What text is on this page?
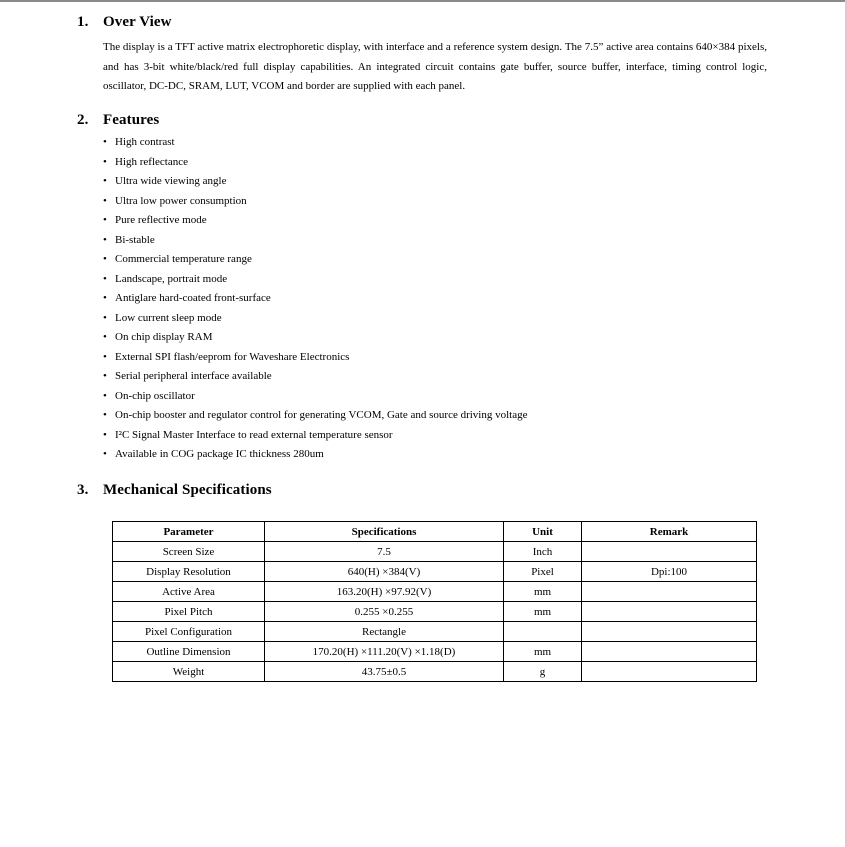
1. Over View
The display is a TFT active matrix electrophoretic display, with interface and a reference system design. The 7.5” active area contains 640×384 pixels, and has 3-bit white/black/red full display capabilities. An integrated circuit contains gate buffer, source buffer, interface, timing control logic, oscillator, DC-DC, SRAM, LUT, VCOM and border are supplied with each panel.
2. Features
• High contrast
• High reflectance
• Ultra wide viewing angle
• Ultra low power consumption
• Pure reflective mode
• Bi-stable
• Commercial temperature range
• Landscape, portrait mode
• Antiglare hard-coated front-surface
• Low current sleep mode
• On chip display RAM
• External SPI flash/eeprom for Waveshare Electronics
• Serial peripheral interface available
• On-chip oscillator
• On-chip booster and regulator control for generating VCOM, Gate and source driving voltage
• I²C Signal Master Interface to read external temperature sensor
• Available in COG package IC thickness 280um
3. Mechanical Specifications
Parameter	Specifications	Unit	Remark
Screen Size	7.5	Inch	
Display Resolution	640(H) ×384(V)	Pixel	Dpi:100
Active Area	163.20(H) ×97.92(V)	mm	
Pixel Pitch	0.255 ×0.255	mm	
Pixel Configuration	Rectangle		
Outline Dimension	170.20(H) ×111.20(V) ×1.18(D)	mm	
Weight	43.75±0.5	g	
